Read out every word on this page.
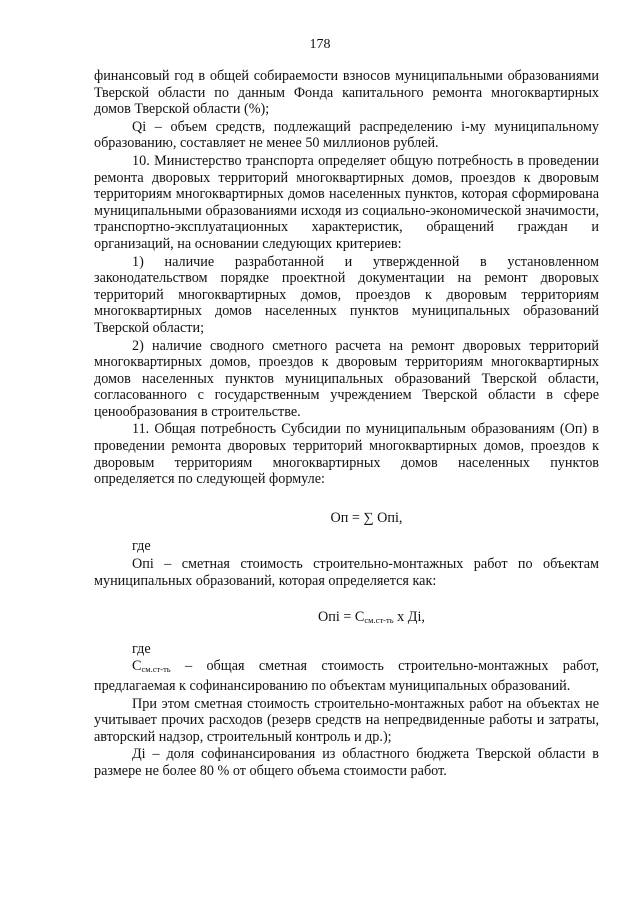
178

финансовый год в общей собираемости взносов муниципальными образованиями Тверской области по данным Фонда капитального ремонта многоквартирных домов Тверской области (%);

Qi – объем средств, подлежащий распределению i-му муниципальному образованию, составляет не менее 50 миллионов рублей.

10. Министерство транспорта определяет общую потребность в проведении ремонта дворовых территорий многоквартирных домов, проездов к дворовым территориям многоквартирных домов населенных пунктов, которая сформирована муниципальными образованиями исходя из социально-экономической значимости, транспортно-эксплуатационных характеристик, обращений граждан и организаций, на основании следующих критериев:

1) наличие разработанной и утвержденной в установленном законодательством порядке проектной документации на ремонт дворовых территорий многоквартирных домов, проездов к дворовым территориям многоквартирных домов населенных пунктов муниципальных образований Тверской области;

2) наличие сводного сметного расчета на ремонт дворовых территорий многоквартирных домов, проездов к дворовым территориям многоквартирных домов населенных пунктов муниципальных образований Тверской области, согласованного с государственным учреждением Тверской области в сфере ценообразования в строительстве.

11. Общая потребность Субсидии по муниципальным образованиям (Оп) в проведении ремонта дворовых территорий многоквартирных домов, проездов к дворовым территориям многоквартирных домов населенных пунктов определяется по следующей формуле:

Оп = ∑ Опi,

где

Опi – сметная стоимость строительно-монтажных работ по объектам муниципальных образований, которая определяется как:

Опi = $С_{см.ст-ть}$ х Дi,

где

$С_{см.ст-ть}$ – общая сметная стоимость строительно-монтажных работ, предлагаемая к софинансированию по объектам муниципальных образований.

При этом сметная стоимость строительно-монтажных работ на объектах не учитывает прочих расходов (резерв средств на непредвиденные работы и затраты, авторский надзор, строительный контроль и др.);

Дi – доля софинансирования из областного бюджета Тверской области в размере не более 80 % от общего объема стоимости работ.
